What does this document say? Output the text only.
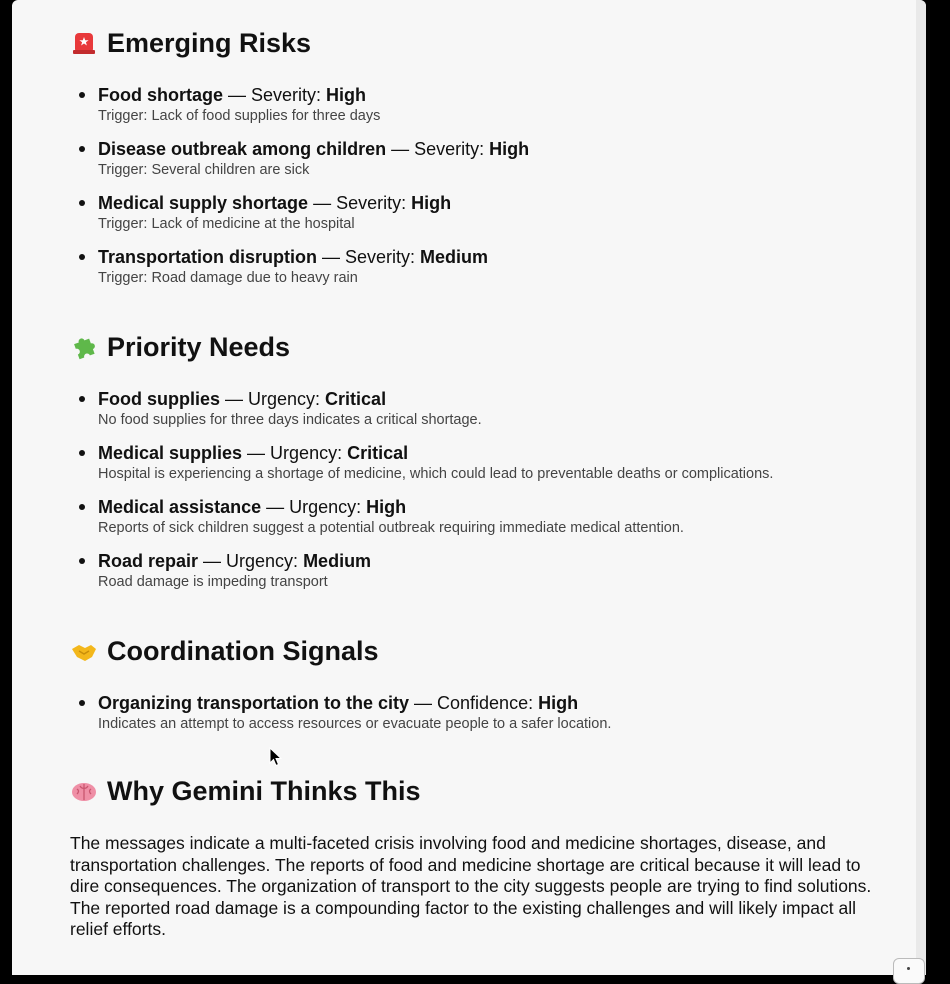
Emerging Risks
Food shortage — Severity: High
Trigger: Lack of food supplies for three days
Disease outbreak among children — Severity: High
Trigger: Several children are sick
Medical supply shortage — Severity: High
Trigger: Lack of medicine at the hospital
Transportation disruption — Severity: Medium
Trigger: Road damage due to heavy rain
Priority Needs
Food supplies — Urgency: Critical
No food supplies for three days indicates a critical shortage.
Medical supplies — Urgency: Critical
Hospital is experiencing a shortage of medicine, which could lead to preventable deaths or complications.
Medical assistance — Urgency: High
Reports of sick children suggest a potential outbreak requiring immediate medical attention.
Road repair — Urgency: Medium
Road damage is impeding transport
Coordination Signals
Organizing transportation to the city — Confidence: High
Indicates an attempt to access resources or evacuate people to a safer location.
Why Gemini Thinks This

The messages indicate a multi-faceted crisis involving food and medicine shortages, disease, and transportation challenges. The reports of food and medicine shortage are critical because it will lead to dire consequences. The organization of transport to the city suggests people are trying to find solutions. The reported road damage is a compounding factor to the existing challenges and will likely impact all relief efforts.
